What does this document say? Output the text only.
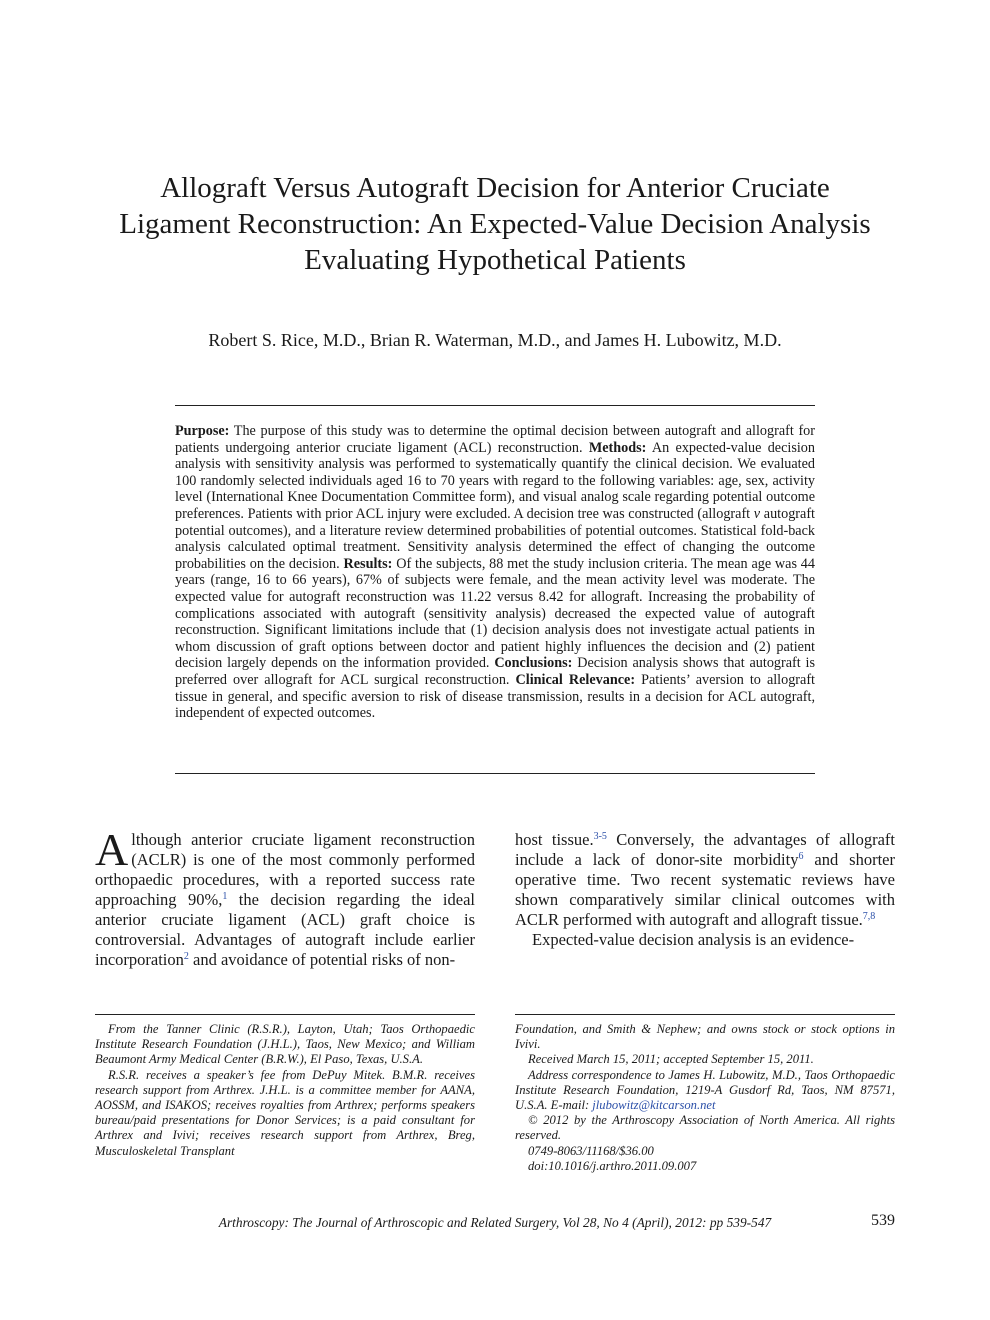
Allograft Versus Autograft Decision for Anterior Cruciate
Ligament Reconstruction: An Expected-Value Decision Analysis
Evaluating Hypothetical Patients
Robert S. Rice, M.D., Brian R. Waterman, M.D., and James H. Lubowitz, M.D.
Purpose: The purpose of this study was to determine the optimal decision between autograft and allograft for patients undergoing anterior cruciate ligament (ACL) reconstruction. Methods: An expected-value decision analysis with sensitivity analysis was performed to systematically quantify the clinical decision. We evaluated 100 randomly selected individuals aged 16 to 70 years with regard to the following variables: age, sex, activity level (International Knee Documentation Committee form), and visual analog scale regarding potential outcome preferences. Patients with prior ACL injury were excluded. A decision tree was constructed (allograft v autograft potential outcomes), and a literature review determined probabilities of potential outcomes. Statistical fold-back analysis calculated optimal treatment. Sensitivity analysis determined the effect of changing the outcome probabilities on the decision. Results: Of the subjects, 88 met the study inclusion criteria. The mean age was 44 years (range, 16 to 66 years), 67% of subjects were female, and the mean activity level was moderate. The expected value for autograft reconstruction was 11.22 versus 8.42 for allograft. Increasing the probability of complications associated with autograft (sensitivity analysis) decreased the expected value of autograft reconstruction. Significant limitations include that (1) decision analysis does not investigate actual patients in whom discussion of graft options between doctor and patient highly influences the decision and (2) patient decision largely depends on the information provided. Conclusions: Decision analysis shows that autograft is preferred over allograft for ACL surgical reconstruction. Clinical Relevance: Patients’ aversion to allograft tissue in general, and specific aversion to risk of disease transmission, results in a decision for ACL autograft, independent of expected outcomes.

Although anterior cruciate ligament reconstruction (ACLR) is one of the most commonly performed orthopaedic procedures, with a reported success rate approaching 90%,$^1$ the decision regarding the ideal anterior cruciate ligament (ACL) graft choice is controversial. Advantages of autograft include earlier incorporation$^2$ and avoidance of potential risks of non-

host tissue.$^{3-5}$ Conversely, the advantages of allograft include a lack of donor-site morbidity$^6$ and shorter operative time. Two recent systematic reviews have shown comparatively similar clinical outcomes with ACLR performed with autograft and allograft tissue.$^{7,8}$

Expected-value decision analysis is an evidence-

From the Tanner Clinic (R.S.R.), Layton, Utah; Taos Orthopaedic Institute Research Foundation (J.H.L.), Taos, New Mexico; and William Beaumont Army Medical Center (B.R.W.), El Paso, Texas, U.S.A.

R.S.R. receives a speaker’s fee from DePuy Mitek. B.M.R. receives research support from Arthrex. J.H.L. is a committee member for AANA, AOSSM, and ISAKOS; receives royalties from Arthrex; performs speakers bureau/paid presentations for Donor Services; is a paid consultant for Arthrex and Ivivi; receives research support from Arthrex, Breg, Musculoskeletal Transplant

Foundation, and Smith & Nephew; and owns stock or stock options in Ivivi.

Received March 15, 2011; accepted September 15, 2011.

Address correspondence to James H. Lubowitz, M.D., Taos Orthopaedic Institute Research Foundation, 1219-A Gusdorf Rd, Taos, NM 87571, U.S.A. E-mail: jlubowitz@kitcarson.net

© 2012 by the Arthroscopy Association of North America. All rights reserved.

0749-8063/11168/$36.00

doi:10.1016/j.arthro.2011.09.007

Arthroscopy: The Journal of Arthroscopic and Related Surgery, Vol 28, No 4 (April), 2012: pp 539-547	539
